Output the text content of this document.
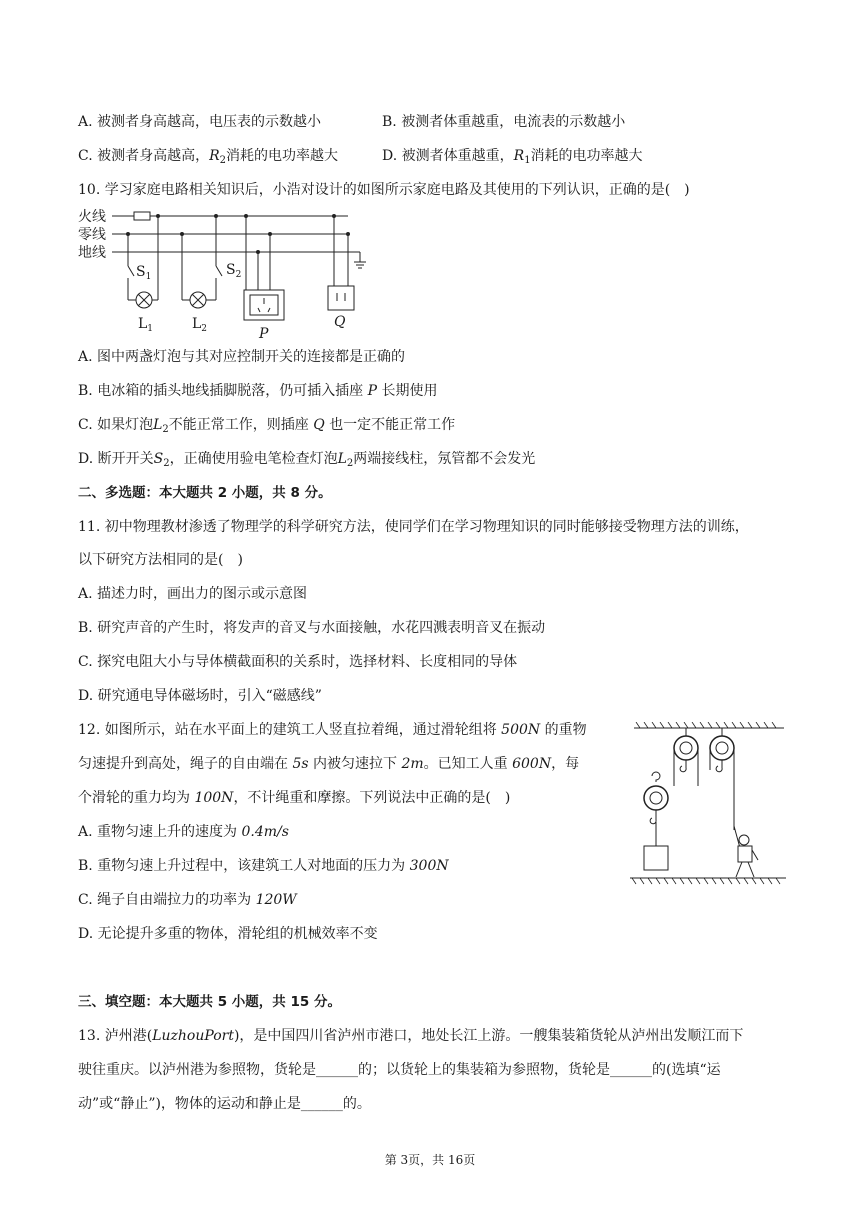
A. 被测者身高越高，电压表的示数越小	B. 被测者体重越重，电流表的示数越小
C. 被测者身高越高，$R_2$消耗的电功率越大	D. 被测者体重越重，$R_1$消耗的电功率越大
10. 学习家庭电路相关知识后，小浩对设计的如图所示家庭电路及其使用的下列认识，正确的是(　)
火线
零线
地线
$S_1$	$S_2$
$L_1$	$L_2$	P
Q
A. 图中两盏灯泡与其对应控制开关的连接都是正确的
B. 电冰箱的插头地线插脚脱落，仍可插入插座 P 长期使用
C. 如果灯泡$L_2$不能正常工作，则插座 Q 也一定不能正常工作
D. 断开开关$S_2$，正确使用验电笔检查灯泡$L_2$两端接线柱，氖管都不会发光
二、多选题：本大题共 2 小题，共 8 分。
11. 初中物理教材渗透了物理学的科学研究方法，使同学们在学习物理知识的同时能够接受物理方法的训练，
以下研究方法相同的是(　)
A. 描述力时，画出力的图示或示意图
B. 研究声音的产生时，将发声的音叉与水面接触，水花四溅表明音叉在振动
C. 探究电阻大小与导体横截面积的关系时，选择材料、长度相同的导体
D. 研究通电导体磁场时，引入“磁感线”
12. 如图所示，站在水平面上的建筑工人竖直拉着绳，通过滑轮组将 500N 的重物
匀速提升到高处，绳子的自由端在 5s 内被匀速拉下 2m。已知工人重 600N，每
个滑轮的重力均为 100N，不计绳重和摩擦。下列说法中正确的是(　)
A. 重物匀速上升的速度为 0.4m/s
B. 重物匀速上升过程中，该建筑工人对地面的压力为 300N
C. 绳子自由端拉力的功率为 120W
D. 无论提升多重的物体，滑轮组的机械效率不变
三、填空题：本大题共 5 小题，共 15 分。
13. 泸州港(LuzhouPort)，是中国四川省泸州市港口，地处长江上游。一艘集装箱货轮从泸州出发顺江而下
驶往重庆。以泸州港为参照物，货轮是______的；以货轮上的集装箱为参照物，货轮是______的(选填“运
动”或“静止”)，物体的运动和静止是______的。
第 3页，共 16页
